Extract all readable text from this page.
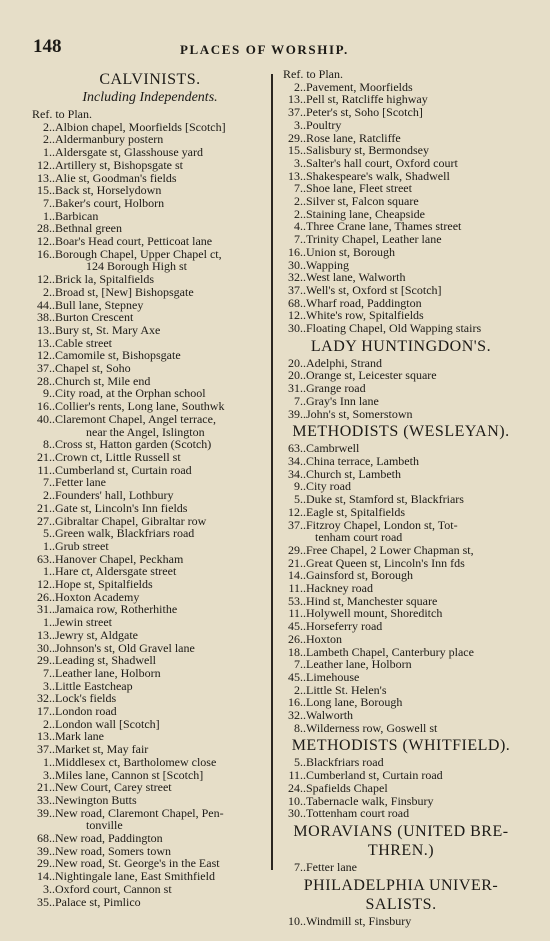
148	PLACES OF WORSHIP.
CALVINISTS.
Including Independents.
Ref. to Plan.
2..Albion chapel, Moorfields [Scotch]
2..Aldermanbury postern
1..Aldersgate st, Glasshouse yard
12..Artillery st, Bishopsgate st
13..Alie st, Goodman's fields
15..Back st, Horselydown
7..Baker's court, Holborn
1..Barbican
28..Bethnal green
12..Boar's Head court, Petticoat lane
16..Borough Chapel, Upper Chapel ct,
124 Borough High st
12..Brick la, Spitalfields
2..Broad st, [New] Bishopsgate
44..Bull lane, Stepney
38..Burton Crescent
13..Bury st, St. Mary Axe
13..Cable street
12..Camomile st, Bishopsgate
37..Chapel st, Soho
28..Church st, Mile end
9..City road, at the Orphan school
16..Collier's rents, Long lane, Southwk
40..Claremont Chapel, Angel terrace,
near the Angel, Islington
8..Cross st, Hatton garden (Scotch)
21..Crown ct, Little Russell st
11..Cumberland st, Curtain road
7..Fetter lane
2..Founders' hall, Lothbury
21..Gate st, Lincoln's Inn fields
27..Gibraltar Chapel, Gibraltar row
5..Green walk, Blackfriars road
1..Grub street
63..Hanover Chapel, Peckham
1..Hare ct, Aldersgate street
12..Hope st, Spitalfields
26..Hoxton Academy
31..Jamaica row, Rotherhithe
1..Jewin street
13..Jewry st, Aldgate
30..Johnson's st, Old Gravel lane
29..Leading st, Shadwell
7..Leather lane, Holborn
3..Little Eastcheap
32..Lock's fields
17..London road
2..London wall [Scotch]
13..Mark lane
37..Market st, May fair
1..Middlesex ct, Bartholomew close
3..Miles lane, Cannon st [Scotch]
21..New Court, Carey street
33..Newington Butts
39..New road, Claremont Chapel, Pen-
tonville
68..New road, Paddington
39..New road, Somers town
29..New road, St. George's in the East
14..Nightingale lane, East Smithfield
3..Oxford court, Cannon st
35..Palace st, Pimlico
Ref. to Plan.
2..Pavement, Moorfields
13..Pell st, Ratcliffe highway
37..Peter's st, Soho [Scotch]
3..Poultry
29..Rose lane, Ratcliffe
15..Salisbury st, Bermondsey
3..Salter's hall court, Oxford court
13..Shakespeare's walk, Shadwell
7..Shoe lane, Fleet street
2..Silver st, Falcon square
2..Staining lane, Cheapside
4..Three Crane lane, Thames street
7..Trinity Chapel, Leather lane
16..Union st, Borough
30..Wapping
32..West lane, Walworth
37..Well's st, Oxford st [Scotch]
68..Wharf road, Paddington
12..White's row, Spitalfields
30..Floating Chapel, Old Wapping stairs
LADY HUNTINGDON'S.
20..Adelphi, Strand
20..Orange st, Leicester square
31..Grange road
7..Gray's Inn lane
39..John's st, Somerstown
METHODISTS (WESLEYAN).
63..Cambrwell
34..China terrace, Lambeth
34..Church st, Lambeth
9..City road
5..Duke st, Stamford st, Blackfriars
12..Eagle st, Spitalfields
37..Fitzroy Chapel, London st, Tot-
tenham court road
29..Free Chapel, 2 Lower Chapman st,
21..Great Queen st, Lincoln's Inn fds
14..Gainsford st, Borough
11..Hackney road
53..Hind st, Manchester square
11..Holywell mount, Shoreditch
45..Horseferry road
26..Hoxton
18..Lambeth Chapel, Canterbury place
7..Leather lane, Holborn
45..Limehouse
2..Little St. Helen's
16..Long lane, Borough
32..Walworth
8..Wilderness row, Goswell st
METHODISTS (WHITFIELD).
5..Blackfriars road
11..Cumberland st, Curtain road
24..Spafields Chapel
10..Tabernacle walk, Finsbury
30..Tottenham court road
MORAVIANS (UNITED BRE-
THREN.)
7..Fetter lane
PHILADELPHIA UNIVER-
SALISTS.
10..Windmill st, Finsbury
